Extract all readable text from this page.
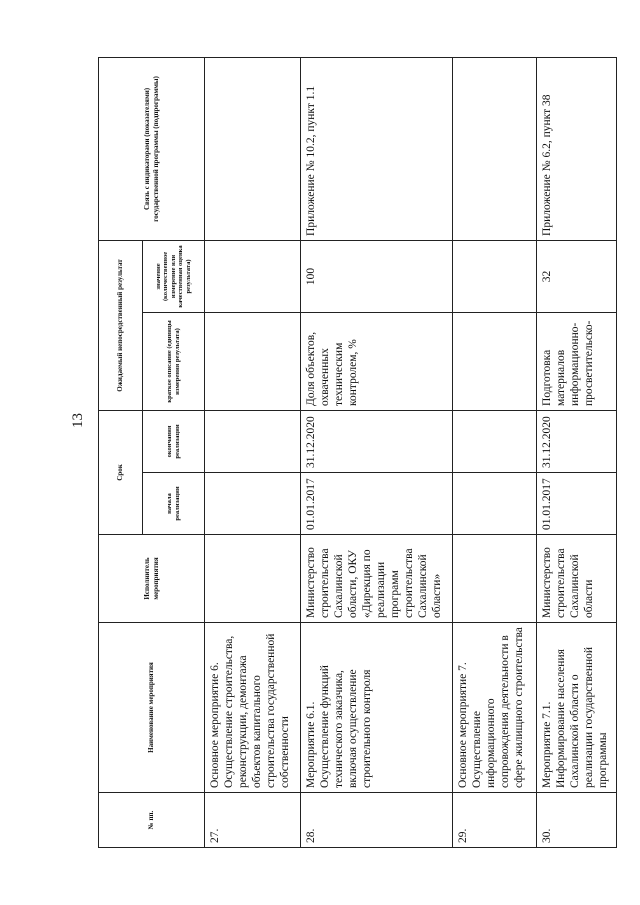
13
№ пп.	Наименование мероприятия	Исполнитель мероприятия	Срок		Ожидаемый непосредственный результат		Связь с индикаторами (показателями) государственной программы (подпрограммы)
			начала реализации	окончания реализации	краткое описание (единицы измерения результата)	значение (количественное измерение или качественная оценка результата)	
27.	Основное мероприятие 6. Осуществление строительства, реконструкции, демонтажа объектов капитального строительства государственной собственности						
28.	Мероприятие 6.1. Осуществление функций технического заказчика, включая осуществление строительного контроля	Министерство строительства Сахалинской области, ОКУ «Дирекция по реализации программ строительства Сахалинской области»	01.01.2017	31.12.2020	Доля объектов, охваченных техническим контролем, %	100	Приложение № 10.2, пункт 1.1
29.	Основное мероприятие 7. Осуществление информационного сопровождения деятельности в сфере жилищного строительства						
30.	Мероприятие 7.1. Информирование населения Сахалинской области о реализации государственной программы	Министерство строительства Сахалинской области	01.01.2017	31.12.2020	Подготовка материалов информационно-просветительско-	32	Приложение № 6.2, пункт 38
